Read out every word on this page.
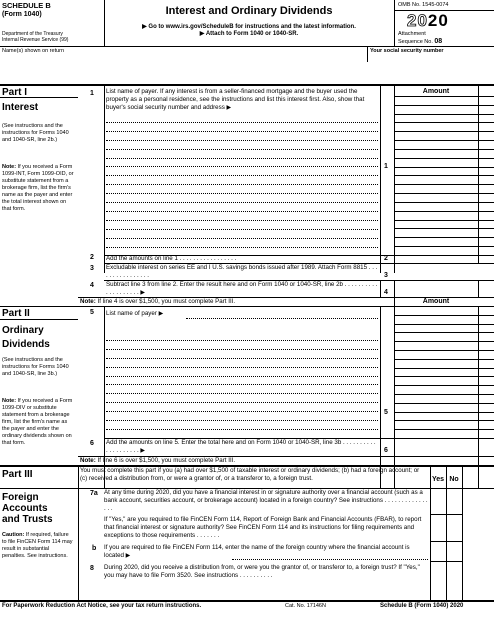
SCHEDULE B
(Form 1040)
Department of the Treasury
Internal Revenue Service (99)
Interest and Ordinary Dividends
▶ Go to www.irs.gov/ScheduleB for instructions and the latest information.
▶ Attach to Form 1040 or 1040-SR.
OMB No. 1545-0074
2020
Attachment
Sequence No. 08
Name(s) shown on return	Your social security number
Part I
Interest
(See instructions and the instructions for Forms 1040 and 1040-SR, line 2b.)
Note: If you received a Form 1099-INT, Form 1099-OID, or substitute statement from a brokerage firm, list the firm's name as the payer and enter the total interest shown on that form.
1 List name of payer. If any interest is from a seller-financed mortgage and the buyer used the property as a personal residence, see the instructions and list this interest first. Also, show that buyer's social security number and address ▶
Amount
1
2 Add the amounts on line 1 . . . . . . . . . . . . . . . . .	2
3 Excludable interest on series EE and I U.S. savings bonds issued after 1989. Attach Form 8815 . . . . . . . . . . . . . . . .	3
4 Subtract line 3 from line 2. Enter the result here and on Form 1040 or 1040-SR, line 2b . . . . . . . . . . . . . . . . . . . . ▶	4
Note: If line 4 is over $1,500, you must complete Part III.	Amount
Part II
Ordinary
Dividends
(See instructions and the instructions for Forms 1040 and 1040-SR, line 3b.)
Note: If you received a Form 1099-DIV or substitute statement from a brokerage firm, list the firm's name as the payer and enter the ordinary dividends shown on that form.
5 List name of payer ▶
5
6 Add the amounts on line 5. Enter the total here and on Form 1040 or 1040-SR, line 3b . . . . . . . . . . . . . . . . . . . . ▶	6
Note: If line 6 is over $1,500, you must complete Part III.
Part III	You must complete this part if you (a) had over $1,500 of taxable interest or ordinary dividends; (b) had a foreign account; or (c) received a distribution from, or were a grantor of, or a transferor to, a foreign trust.	Yes No
Foreign
Accounts
and Trusts
Caution: If required, failure to file FinCEN Form 114 may result in substantial penalties. See instructions.
7a At any time during 2020, did you have a financial interest in or signature authority over a financial account (such as a bank account, securities account, or brokerage account) located in a foreign country? See instructions . . . . . . . . . . . . . . . .
If "Yes," are you required to file FinCEN Form 114, Report of Foreign Bank and Financial Accounts (FBAR), to report that financial interest or signature authority? See FinCEN Form 114 and its instructions for filing requirements and exceptions to those requirements . . . . . . .
b If you are required to file FinCEN Form 114, enter the name of the foreign country where the financial account is located ▶
8 During 2020, did you receive a distribution from, or were you the grantor of, or transferor to, a foreign trust? If "Yes," you may have to file Form 3520. See instructions . . . . . . . . . .
For Paperwork Reduction Act Notice, see your tax return instructions.	Cat. No. 17146N	Schedule B (Form 1040) 2020
